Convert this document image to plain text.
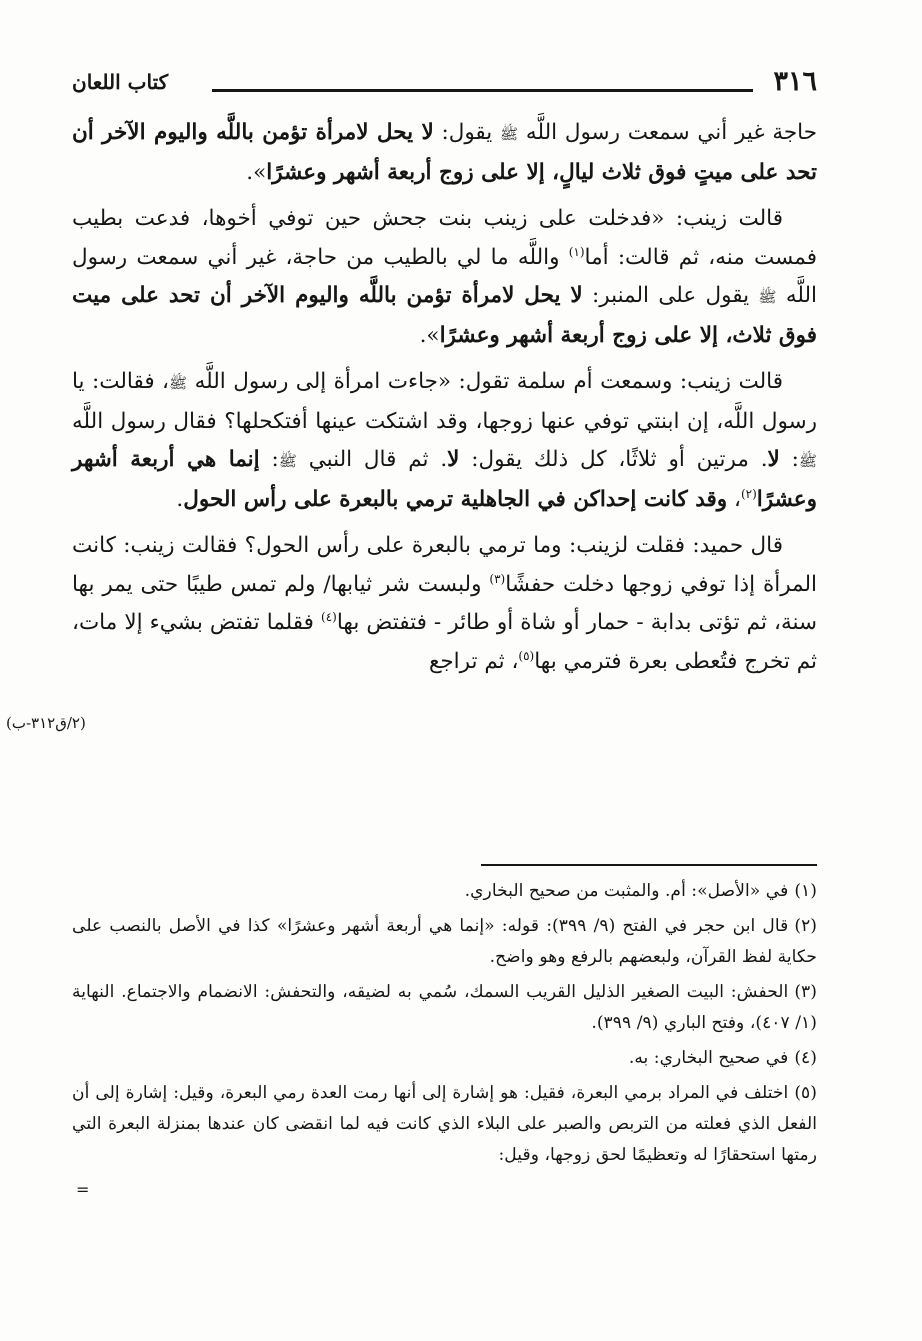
٣١٦
كتاب اللعان

حاجة غير أني سمعت رسول اللَّه ﷺ يقول: لا يحل لامرأة تؤمن باللَّه واليوم الآخر أن تحد على ميتٍ فوق ثلاث ليالٍ، إلا على زوج أربعة أشهر وعشرًا».

قالت زينب: «فدخلت على زينب بنت جحش حين توفي أخوها، فدعت بطيب فمست منه، ثم قالت: أما$^{(١)}$ واللَّه ما لي بالطيب من حاجة، غير أني سمعت رسول اللَّه ﷺ يقول على المنبر: لا يحل لامرأة تؤمن باللَّه واليوم الآخر أن تحد على ميت فوق ثلاث، إلا على زوج أربعة أشهر وعشرًا».

قالت زينب: وسمعت أم سلمة تقول: «جاءت امرأة إلى رسول اللَّه ﷺ، فقالت: يا رسول اللَّه، إن ابنتي توفي عنها زوجها، وقد اشتكت عينها أفتكحلها؟ فقال رسول اللَّه ﷺ: لا. مرتين أو ثلاثًا، كل ذلك يقول: لا. ثم قال النبي ﷺ: إنما هي أربعة أشهر وعشرًا$^{(٢)}$، وقد كانت إحداكن في الجاهلية ترمي بالبعرة على رأس الحول.

قال حميد: فقلت لزينب: وما ترمي بالبعرة على رأس الحول؟ فقالت زينب: كانت المرأة إذا توفي زوجها دخلت حفشًا$^{(٣)}$ ولبست شر ثيابها/ ولم تمس طيبًا حتى يمر بها سنة، ثم تؤتى بدابة - حمار أو شاة أو طائر - فتفتض بها$^{(٤)}$ فقلما تفتض بشيء إلا مات، ثم تخرج فتُعطى بعرة فترمي بها$^{(٥)}$، ثم تراجع

(٢/ق٣١٢-ب)
(١)في «الأصل»: أم. والمثبت من صحيح البخاري.
(٢)قال ابن حجر في الفتح (٩/ ٣٩٩): قوله: «إنما هي أربعة أشهر وعشرًا» كذا في الأصل بالنصب على حكاية لفظ القرآن، ولبعضهم بالرفع وهو واضح.
(٣)الحفش: البيت الصغير الذليل القريب السمك، سُمي به لضيقه، والتحفش: الانضمام والاجتماع. النهاية (١/ ٤٠٧)، وفتح الباري (٩/ ٣٩٩).
(٤)في صحيح البخاري: به.
(٥)اختلف في المراد برمي البعرة، فقيل: هو إشارة إلى أنها رمت العدة رمي البعرة، وقيل: إشارة إلى أن الفعل الذي فعلته من التربص والصبر على البلاء الذي كانت فيه لما انقضى كان عندها بمنزلة البعرة التي رمتها استحقارًا له وتعظيمًا لحق زوجها، وقيل:
=
